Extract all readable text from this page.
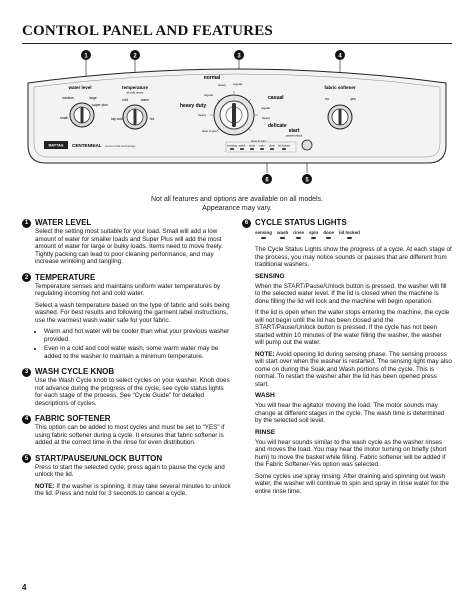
CONTROL PANEL AND FEATURES
1	2	3	4
6	5
water level
medium	large
small
super plus
temperature
all cold rinses
cold	warm
tap cold	hot
normal
heavy regular
heavy duty
casual
delicate
regular
heavy
regular
heavy
drain & spin
rinse & spin
start
pause/unlock
fabric softener
no	yes
MAYTAG CENTENNIAL commercial technology	sensing wash rinse spin done lid locked
Not all features and options are available on all models.
Appearance may vary.
1 WATER LEVEL

Select the setting most suitable for your load. Small will add a low amount of water for smaller loads and Super Plus will add the most amount of water for large or bulky loads. Items need to move freely. Tightly packing can lead to poor cleaning performance, and may increase wrinkling and tangling.

2 TEMPERATURE

Temperature senses and maintains uniform water temperatures by regulating incoming hot and cold water.

Select a wash temperature based on the type of fabric and soils being washed. For best results and following the garment label instructions, use the warmest wash water safe for your fabric.

• Warm and hot water will be cooler than what your previous washer provided.
• Even in a cold and cool water wash, some warm water may be added to the washer to maintain a minimum temperature.
3 WASH CYCLE KNOB

Use the Wash Cycle knob to select cycles on your washer. Knob does not advance during the progress of the cycle, see cycle status lights for each stage of the process. See “Cycle Guide” for detailed descriptions of cycles.

4 FABRIC SOFTENER

This option can be added to most cycles and must be set to “YES” if using fabric softener during a cycle. It ensures that fabric softener is added at the correct time in the rinse for even distribution.

5 START/PAUSE/UNLOCK BUTTON

Press to start the selected cycle; press again to pause the cycle and unlock the lid.

NOTE: If the washer is spinning, it may take several minutes to unlock the lid. Press and hold for 3 seconds to cancel a cycle.

6 CYCLE STATUS LIGHTS
sensing wash rinse spin done lid locked

The Cycle Status Lights show the progress of a cycle. At each stage of the process, you may notice sounds or pauses that are different from traditional washers.

SENSING

When the START/Pause/Unlock button is pressed, the washer will fill to the selected water level. If the lid is closed when the machine is done filling the lid will lock and the machine will begin operation.

If the lid is open when the water stops entering the machine, the cycle will not begin until the lid has been closed and the START/Pause/Unlock button is pressed. If the cycle has not been started within 10 minutes of the water filling the washer, the washer will pump out the water.

NOTE: Avoid opening lid during sensing phase. The sensing process will start over when the washer is restarted. The sensing light may also come on during the Soak and Wash portions of the cycle. This is normal. To restart the washer after the lid has been opened press start.

WASH

You will hear the agitator moving the load. The motor sounds may change at different stages in the cycle. The wash time is determined by the selected soil level.

RINSE

You will hear sounds similar to the wash cycle as the washer rinses and moves the load. You may hear the motor turning on briefly (short hum) to move the basket while filling. Fabric softener will be added if the Fabric Softener-Yes option was selected.

Some cycles use spray rinsing. After draining and spinning out wash water, the washer will continue to spin and spray in rinse water for the entire rinse time.

4
